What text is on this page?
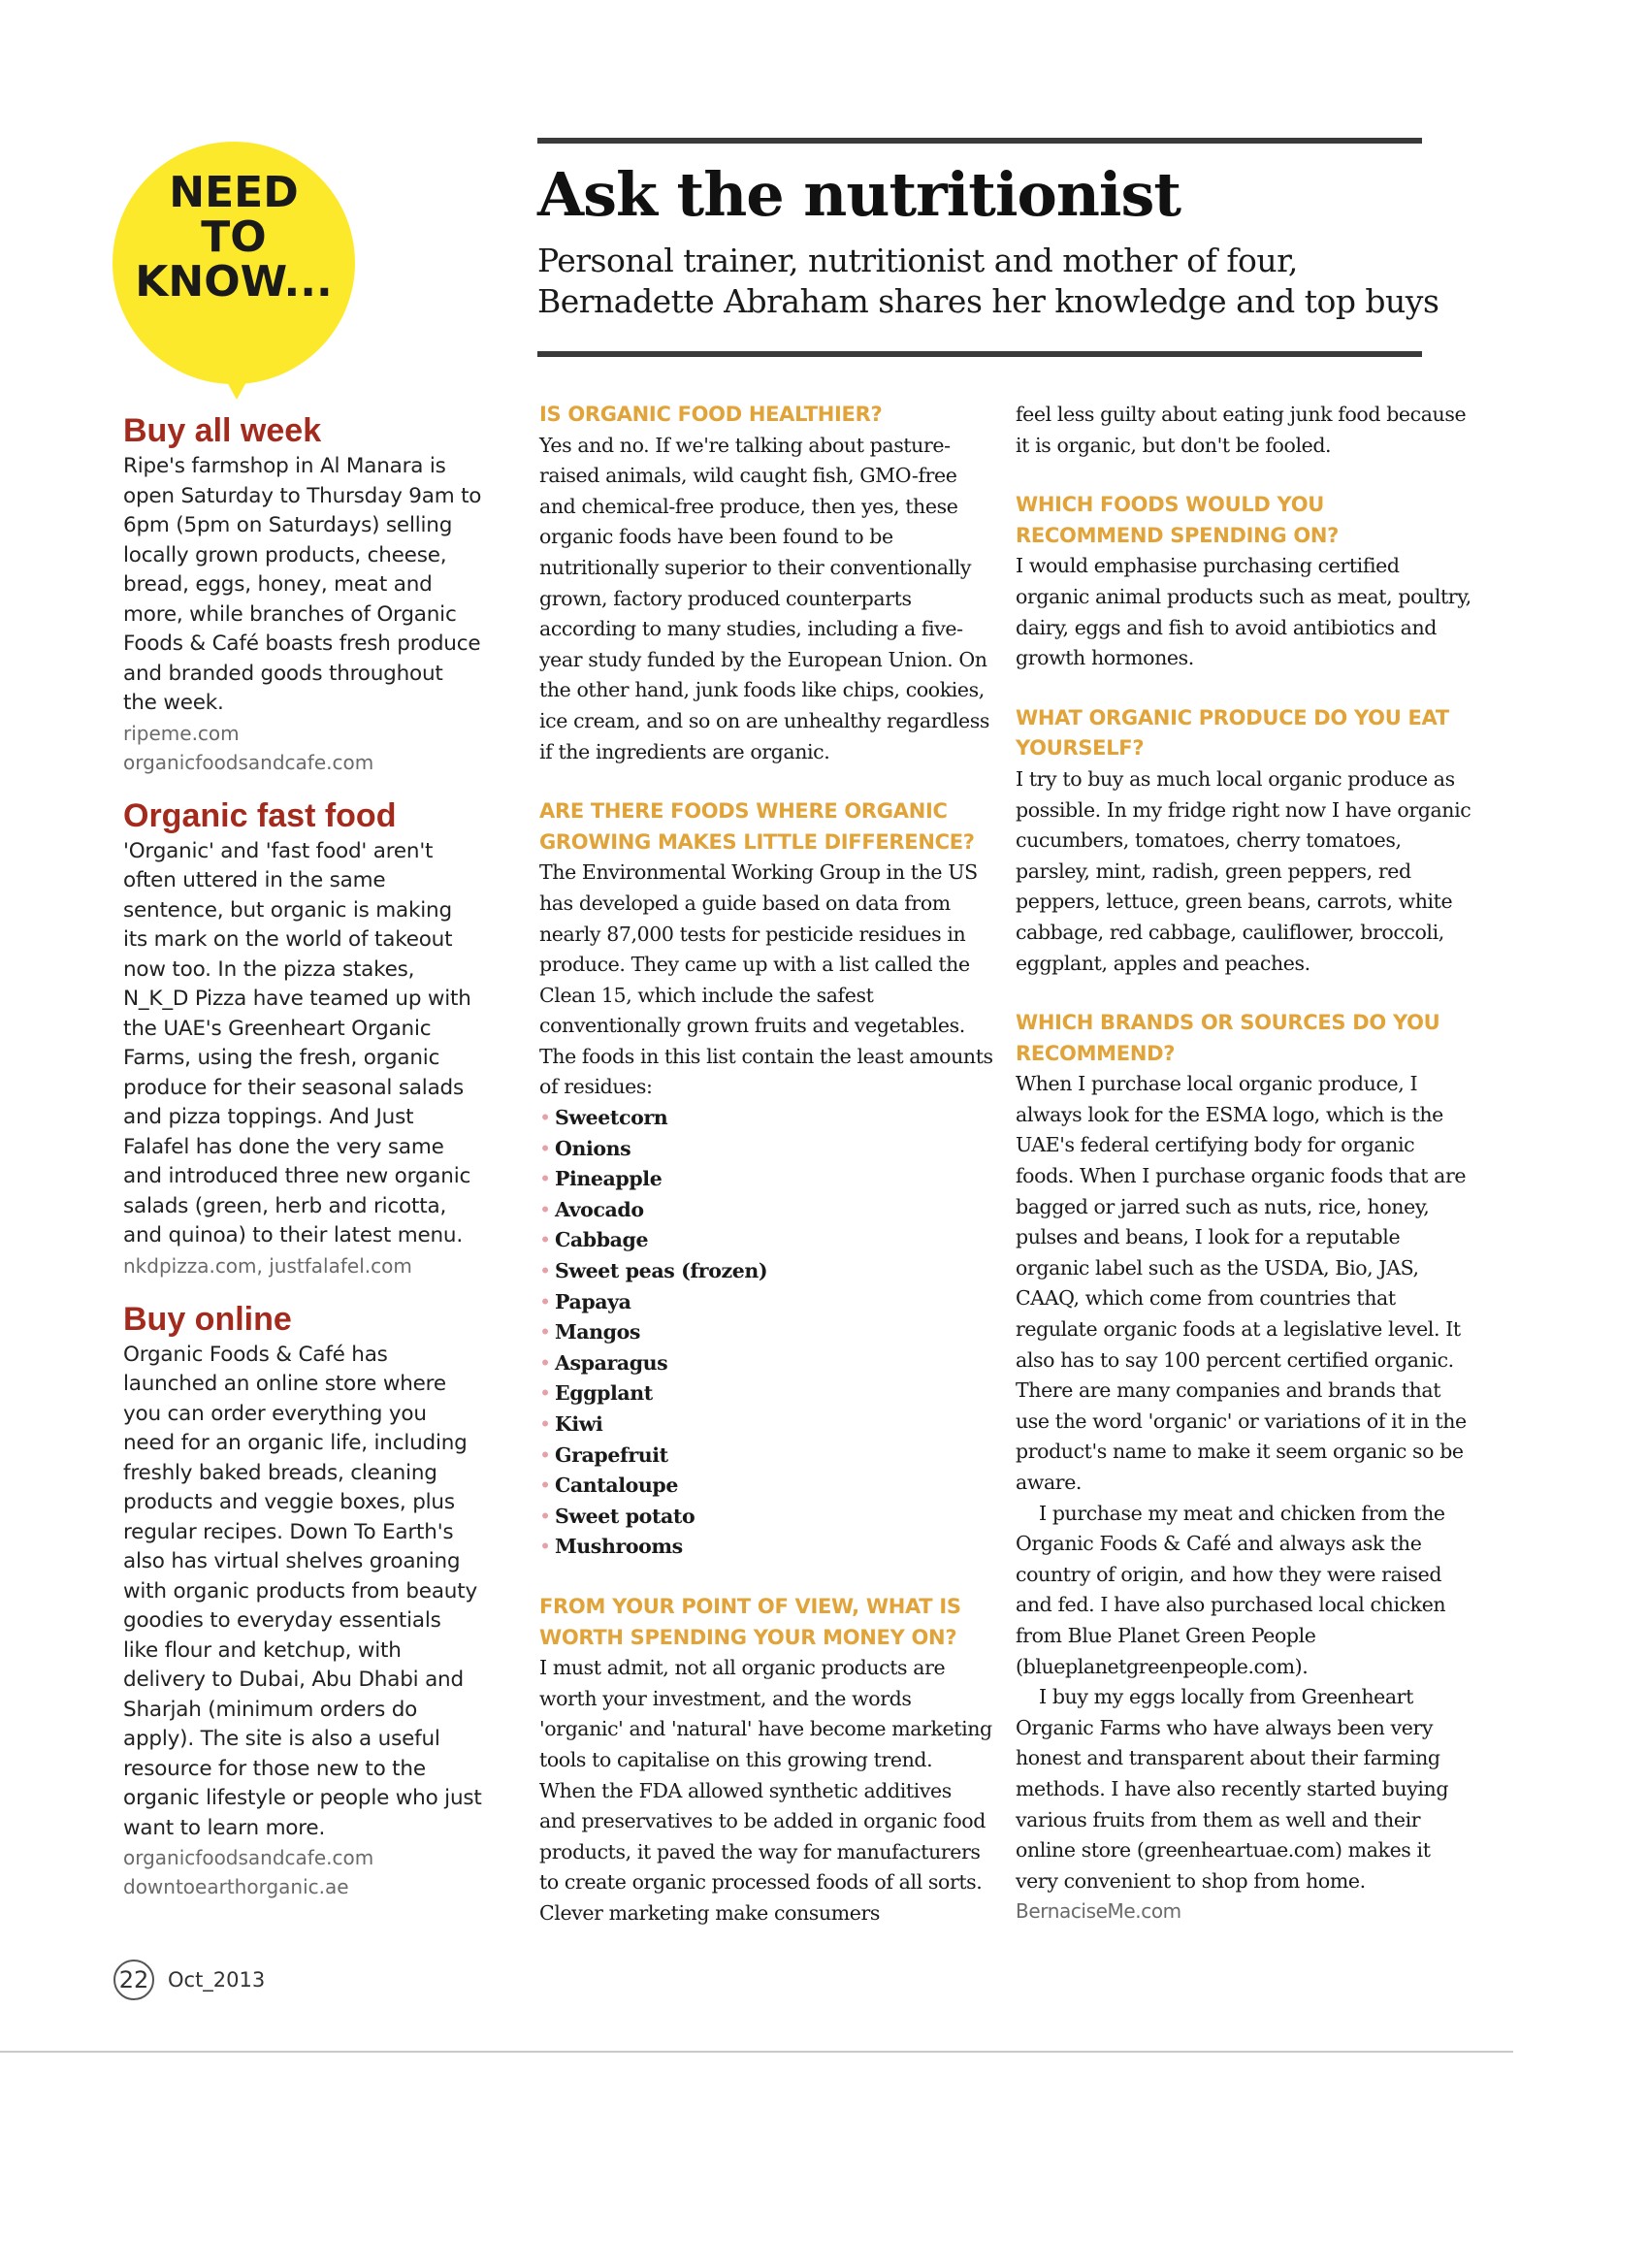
NEED
TO
KNOW...
Buy all week

Ripe's farmshop in Al Manara is open Saturday to Thursday 9am to 6pm (5pm on Saturdays) selling locally grown products, cheese, bread, eggs, honey, meat and more, while branches of Organic Foods & Café boasts fresh produce and branded goods throughout the week.

ripeme.com
organicfoodsandcafe.com
Organic fast food

'Organic' and 'fast food' aren't often uttered in the same sentence, but organic is making its mark on the world of takeout now too. In the pizza stakes, N_K_D Pizza have teamed up with the UAE's Greenheart Organic Farms, using the fresh, organic produce for their seasonal salads and pizza toppings. And Just Falafel has done the very same and introduced three new organic salads (green, herb and ricotta, and quinoa) to their latest menu.

nkdpizza.com, justfalafel.com
Buy online

Organic Foods & Café has launched an online store where you can order everything you need for an organic life, including freshly baked breads, cleaning products and veggie boxes, plus regular recipes. Down To Earth's also has virtual shelves groaning with organic products from beauty goodies to everyday essentials like flour and ketchup, with delivery to Dubai, Abu Dhabi and Sharjah (minimum orders do apply). The site is also a useful resource for those new to the organic lifestyle or people who just want to learn more.

organicfoodsandcafe.com
downtoearthorganic.ae
Ask the nutritionist

Personal trainer, nutritionist and mother of four, Bernadette Abraham shares her knowledge and top buys

IS ORGANIC FOOD HEALTHIER?

Yes and no. If we're talking about pasture-raised animals, wild caught fish, GMO-free and chemical-free produce, then yes, these organic foods have been found to be nutritionally superior to their conventionally grown, factory produced counterparts according to many studies, including a five-year study funded by the European Union. On the other hand, junk foods like chips, cookies, ice cream, and so on are unhealthy regardless if the ingredients are organic.

ARE THERE FOODS WHERE ORGANIC GROWING MAKES LITTLE DIFFERENCE?

The Environmental Working Group in the US has developed a guide based on data from nearly 87,000 tests for pesticide residues in produce. They came up with a list called the Clean 15, which include the safest conventionally grown fruits and vegetables. The foods in this list contain the least amounts of residues:

• Sweetcorn
• Onions
• Pineapple
• Avocado
• Cabbage
• Sweet peas (frozen)
• Papaya
• Mangos
• Asparagus
• Eggplant
• Kiwi
• Grapefruit
• Cantaloupe
• Sweet potato
• Mushrooms
FROM YOUR POINT OF VIEW, WHAT IS WORTH SPENDING YOUR MONEY ON?

I must admit, not all organic products are worth your investment, and the words 'organic' and 'natural' have become marketing tools to capitalise on this growing trend. When the FDA allowed synthetic additives and preservatives to be added in organic food products, it paved the way for manufacturers to create organic processed foods of all sorts. Clever marketing make consumers

feel less guilty about eating junk food because it is organic, but don't be fooled.

WHICH FOODS WOULD YOU RECOMMEND SPENDING ON?

I would emphasise purchasing certified organic animal products such as meat, poultry, dairy, eggs and fish to avoid antibiotics and growth hormones.

WHAT ORGANIC PRODUCE DO YOU EAT YOURSELF?

I try to buy as much local organic produce as possible. In my fridge right now I have organic cucumbers, tomatoes, cherry tomatoes, parsley, mint, radish, green peppers, red peppers, lettuce, green beans, carrots, white cabbage, red cabbage, cauliflower, broccoli, eggplant, apples and peaches.

WHICH BRANDS OR SOURCES DO YOU RECOMMEND?

When I purchase local organic produce, I always look for the ESMA logo, which is the UAE's federal certifying body for organic foods. When I purchase organic foods that are bagged or jarred such as nuts, rice, honey, pulses and beans, I look for a reputable organic label such as the USDA, Bio, JAS, CAAQ, which come from countries that regulate organic foods at a legislative level. It also has to say 100 percent certified organic. There are many companies and brands that use the word 'organic' or variations of it in the product's name to make it seem organic so be aware.

I purchase my meat and chicken from the Organic Foods & Café and always ask the country of origin, and how they were raised and fed. I have also purchased local chicken from Blue Planet Green People (blueplanetgreenpeople.com).

I buy my eggs locally from Greenheart Organic Farms who have always been very honest and transparent about their farming methods. I have also recently started buying various fruits from them as well and their online store (greenheartuae.com) makes it very convenient to shop from home.

BernaciseMe.com
22 Oct_2013
